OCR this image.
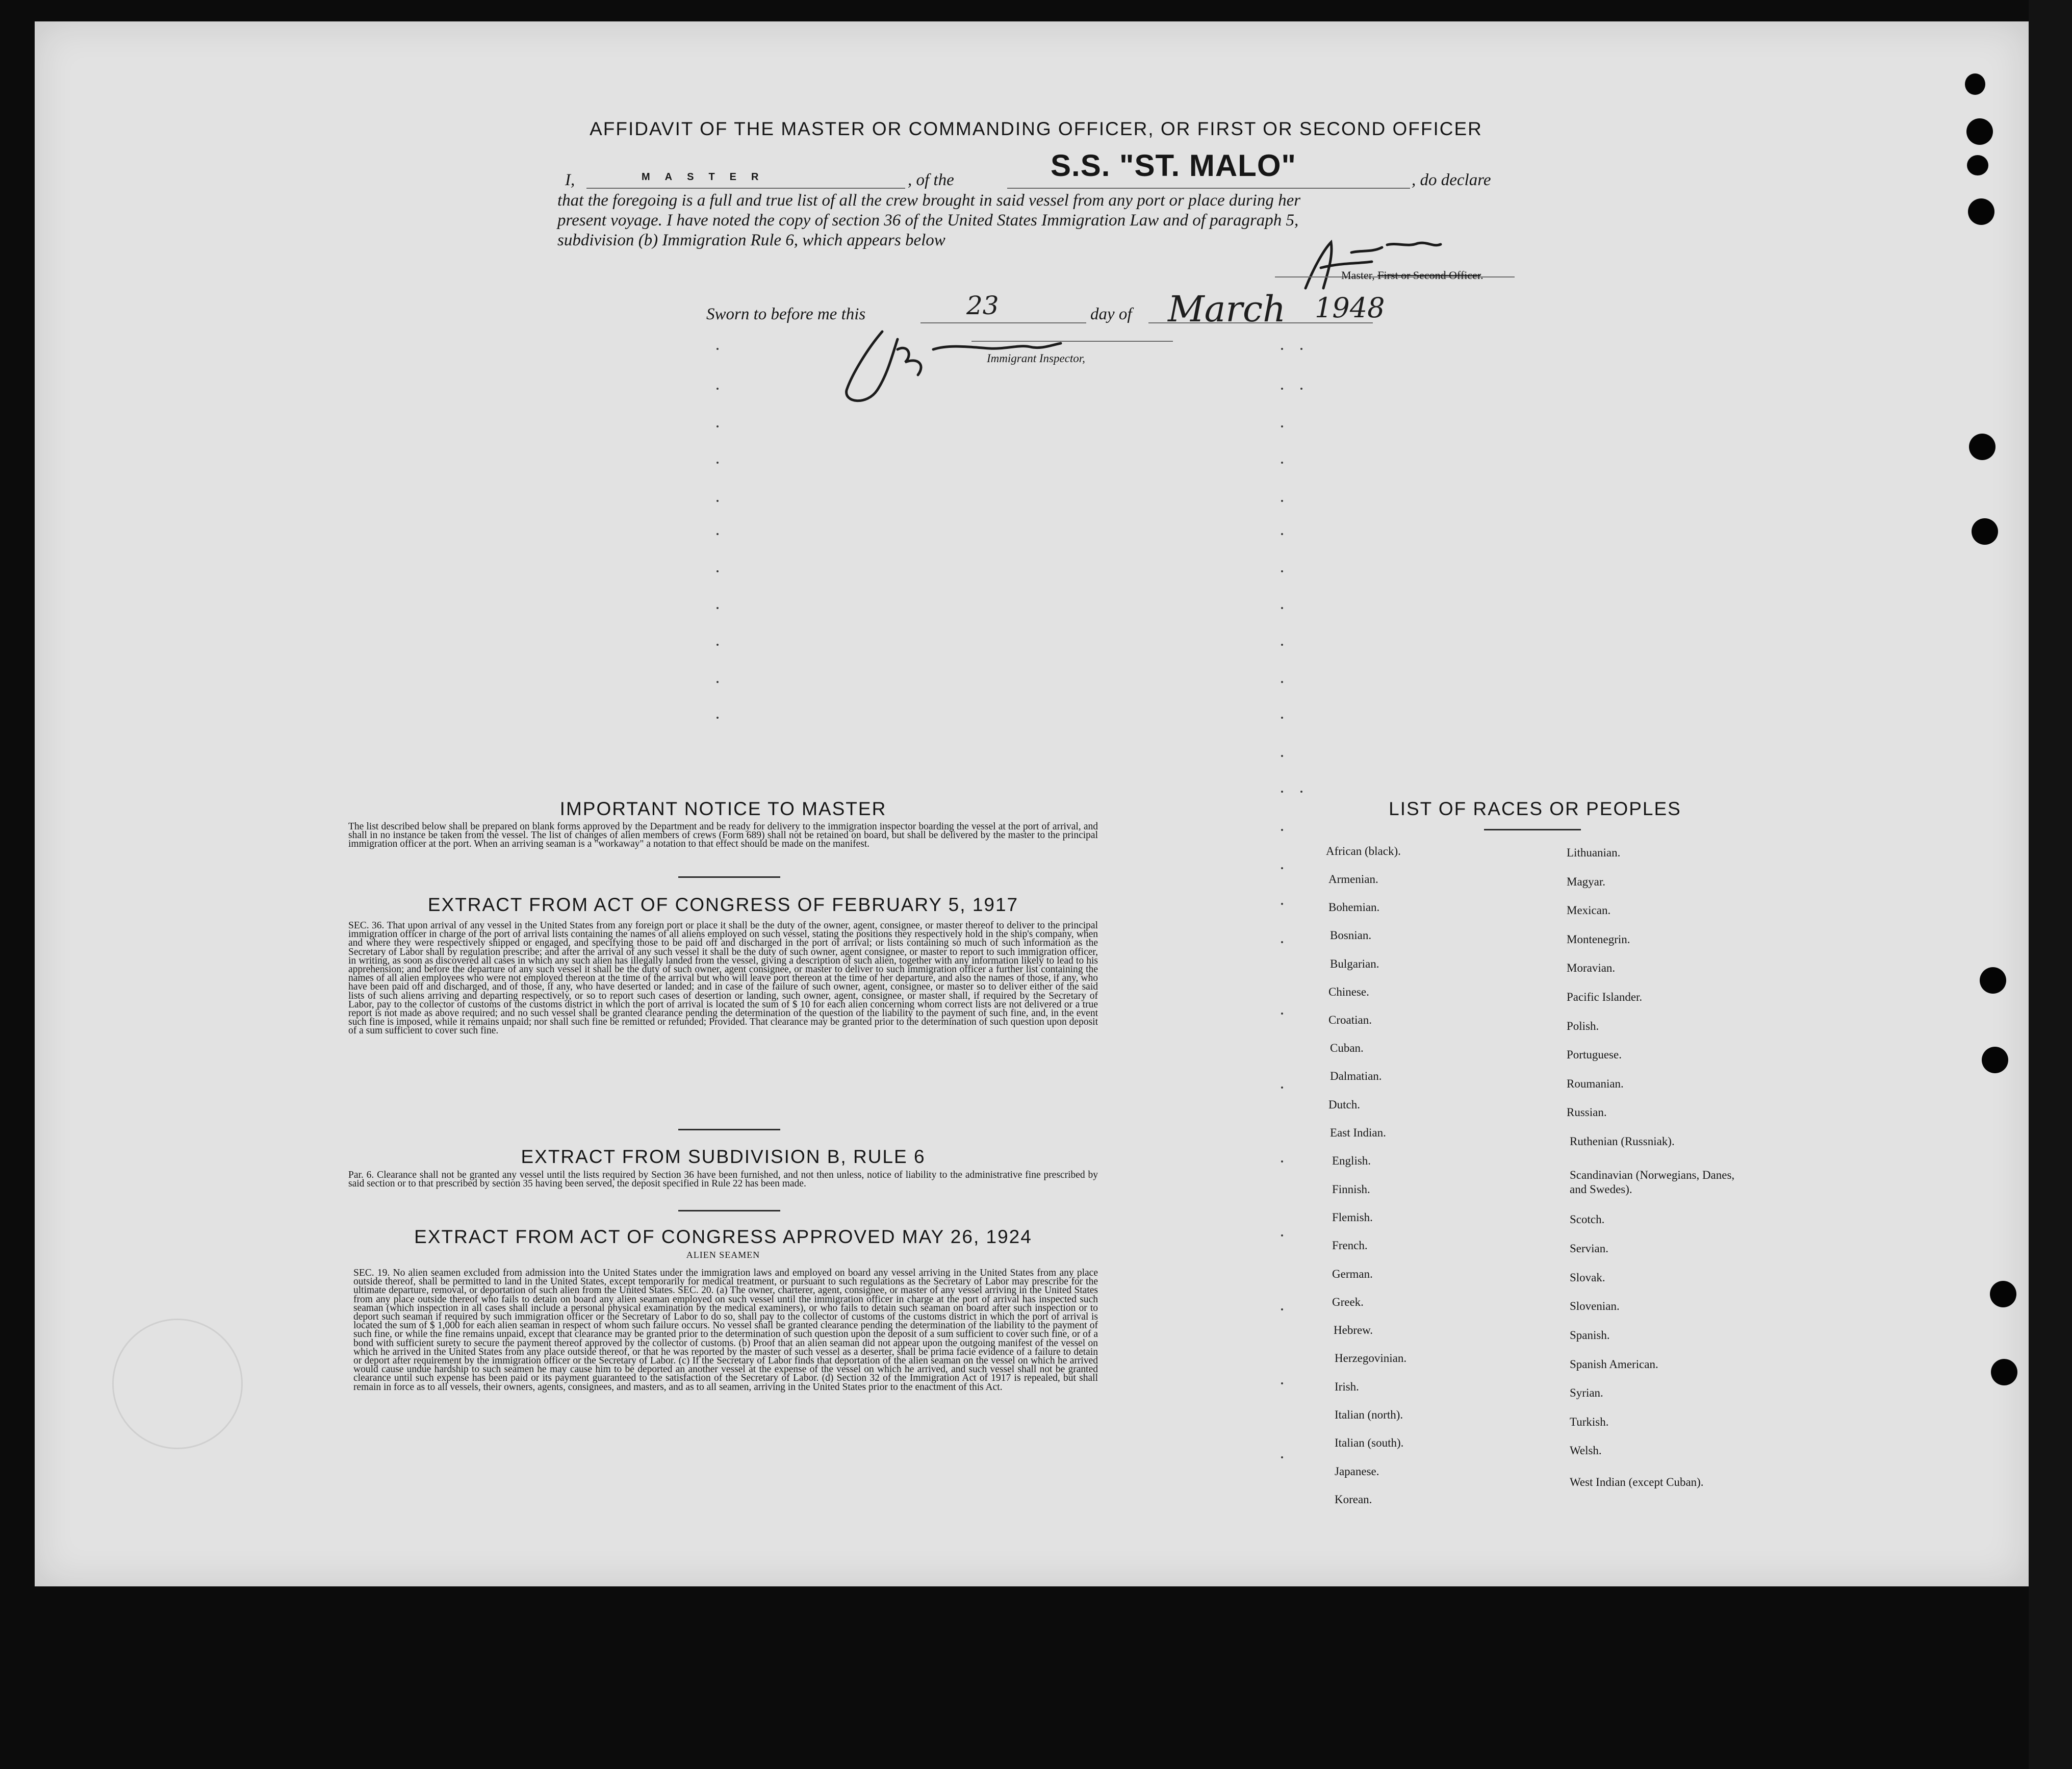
AFFIDAVIT OF THE MASTER OR COMMANDING OFFICER, OR FIRST OR SECOND OFFICER
I,	MASTER	, of the	S.S. "ST. MALO"	, do declare
that the foregoing is a full and true list of all the crew brought in said vessel from any port or place during her
present voyage. I have noted the copy of section 36 of the United States Immigration Law and of paragraph 5,
subdivision (b) Immigration Rule 6, which appears below
Master, First or Second Officer.
Sworn to before me this	23	day of March 1948
Immigrant Inspector,
IMPORTANT NOTICE TO MASTER
The list described below shall be prepared on blank forms approved by the Department and be ready for delivery to the immigration inspector boarding the vessel at the port of arrival, and shall in no instance be taken from the vessel. The list of changes of alien members of crews (Form 689) shall not be retained on board, but shall be delivered by the master to the principal immigration officer at the port. When an arriving seaman is a "workaway" a notation to that effect should be made on the manifest.
EXTRACT FROM ACT OF CONGRESS OF FEBRUARY 5, 1917
SEC. 36. That upon arrival of any vessel in the United States from any foreign port or place it shall be the duty of the owner, agent, consignee, or master thereof to deliver to the principal immigration officer in charge of the port of arrival lists containing the names of all aliens employed on such vessel, stating the positions they respectively hold in the ship's company, when and where they were respectively shipped or engaged, and specifying those to be paid off and discharged in the port of arrival; or lists containing so much of such information as the Secretary of Labor shall by regulation prescribe; and after the arrival of any such vessel it shall be the duty of such owner, agent consignee, or master to report to such immigration officer, in writing, as soon as discovered all cases in which any such alien has illegally landed from the vessel, giving a description of such alien, together with any information likely to lead to his apprehension; and before the departure of any such vessel it shall be the duty of such owner, agent consignee, or master to deliver to such immigration officer a further list containing the names of all alien employees who were not employed thereon at the time of the arrival but who will leave port thereon at the time of her departure, and also the names of those, if any, who have been paid off and discharged, and of those, if any, who have deserted or landed; and in case of the failure of such owner, agent, consignee, or master so to deliver either of the said lists of such aliens arriving and departing respectively, or so to report such cases of desertion or landing, such owner, agent, consignee, or master shall, if required by the Secretary of Labor, pay to the collector of customs of the customs district in which the port of arrival is located the sum of $ 10 for each alien concerning whom correct lists are not delivered or a true report is not made as above required; and no such vessel shall be granted clearance pending the determination of the question of the liability to the payment of such fine, and, in the event such fine is imposed, while it remains unpaid; nor shall such fine be remitted or refunded; Provided. That clearance may be granted prior to the determination of such question upon deposit of a sum sufficient to cover such fine.
EXTRACT FROM SUBDIVISION B, RULE 6
Par. 6. Clearance shall not be granted any vessel until the lists required by Section 36 have been furnished, and not then unless, notice of liability to the administrative fine prescribed by said section or to that prescribed by section 35 having been served, the deposit specified in Rule 22 has been made.
EXTRACT FROM ACT OF CONGRESS APPROVED MAY 26, 1924
ALIEN SEAMEN
SEC. 19. No alien seamen excluded from admission into the United States under the immigration laws and employed on board any vessel arriving in the United States from any place outside thereof, shall be permitted to land in the United States, except temporarily for medical treatment, or pursuant to such regulations as the Secretary of Labor may prescribe for the ultimate departure, removal, or deportation of such alien from the United States. SEC. 20. (a) The owner, charterer, agent, consignee, or master of any vessel arriving in the United States from any place outside thereof who fails to detain on board any alien seaman employed on such vessel until the immigration officer in charge at the port of arrival has inspected such seaman (which inspection in all cases shall include a personal physical examination by the medical examiners), or who fails to detain such seaman on board after such inspection or to deport such seaman if required by such immigration officer or the Secretary of Labor to do so, shall pay to the collector of customs of the customs district in which the port of arrival is located the sum of $ 1,000 for each alien seaman in respect of whom such failure occurs. No vessel shall be granted clearance pending the determination of the liability to the payment of such fine, or while the fine remains unpaid, except that clearance may be granted prior to the determination of such question upon the deposit of a sum sufficient to cover such fine, or of a bond with sufficient surety to secure the payment thereof approved by the collector of customs. (b) Proof that an alien seaman did not appear upon the outgoing manifest of the vessel on which he arrived in the United States from any place outside thereof, or that he was reported by the master of such vessel as a deserter, shall be prima facie evidence of a failure to detain or deport after requirement by the immigration officer or the Secretary of Labor. (c) If the Secretary of Labor finds that deportation of the alien seaman on the vessel on which he arrived would cause undue hardship to such seamen he may cause him to be deported an another vessel at the expense of the vessel on which he arrived, and such vessel shall not be granted clearance until such expense has been paid or its payment guaranteed to the satisfaction of the Secretary of Labor. (d) Section 32 of the Immigration Act of 1917 is repealed, but shall remain in force as to all vessels, their owners, agents, consignees, and masters, and as to all seamen, arriving in the United States prior to the enactment of this Act.
LIST OF RACES OR PEOPLES
African (black).
Armenian.
Bohemian.
Bosnian.
Bulgarian.
Chinese.
Croatian.
Cuban.
Dalmatian.
Dutch.
East Indian.
English.
Finnish.
Flemish.
French.
German.
Greek.
Hebrew.
Herzegovinian.
Irish.
Italian (north).
Italian (south).
Japanese.
Korean.
Lithuanian.
Magyar.
Mexican.
Montenegrin.
Moravian.
Pacific Islander.
Polish.
Portuguese.
Roumanian.
Russian.
Ruthenian (Russniak).
Scandinavian (Norwegians, Danes, and Swedes).
Scotch.
Servian.
Slovak.
Slovenian.
Spanish.
Spanish American.
Syrian.
Turkish.
Welsh.
West Indian (except Cuban).
